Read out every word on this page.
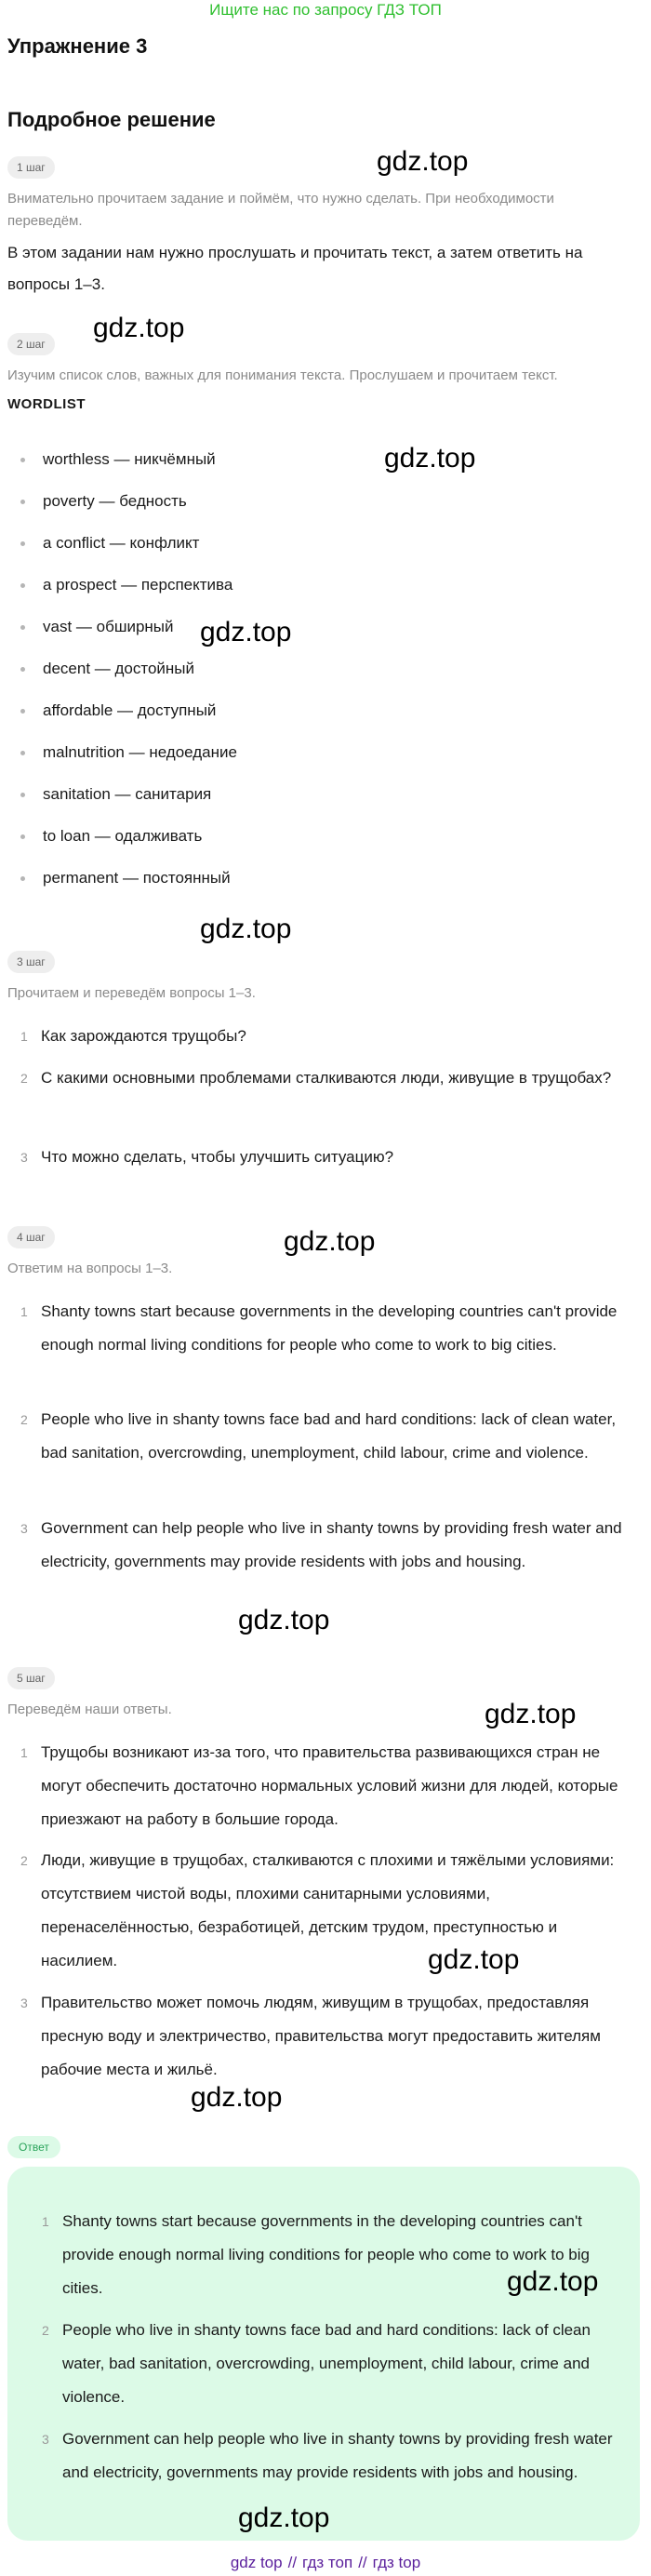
Ищите нас по запросу ГДЗ ТОП
Упражнение 3
Подробное решение
1 шаг

Внимательно прочитаем задание и поймём, что нужно сделать. При необходимости переведём.

В этом задании нам нужно прослушать и прочитать текст, а затем ответить на вопросы 1–3.

2 шаг

Изучим список слов, важных для понимания текста. Прослушаем и прочитаем текст.

WORDLIST
worthless — никчёмный
poverty — бедность
a conflict — конфликт
a prospect — перспектива
vast — обширный
decent — достойный
affordable — доступный
malnutrition — недоедание
sanitation — санитария
to loan — одалживать
permanent — постоянный
3 шаг

Прочитаем и переведём вопросы 1–3.

1 Как зарождаются трущобы?
2 С какими основными проблемами сталкиваются люди, живущие в трущобах?
3 Что можно сделать, чтобы улучшить ситуацию?
4 шаг

Ответим на вопросы 1–3.

1 Shanty towns start because governments in the developing countries can't provide enough normal living conditions for people who come to work to big cities.
2 People who live in shanty towns face bad and hard conditions: lack of clean water, bad sanitation, overcrowding, unemployment, child labour, crime and violence.
3 Government can help people who live in shanty towns by providing fresh water and electricity, governments may provide residents with jobs and housing.
5 шаг

Переведём наши ответы.

1 Трущобы возникают из-за того, что правительства развивающихся стран не могут обеспечить достаточно нормальных условий жизни для людей, которые приезжают на работу в большие города.
2 Люди, живущие в трущобах, сталкиваются с плохими и тяжёлыми условиями: отсутствием чистой воды, плохими санитарными условиями, перенаселённостью, безработицей, детским трудом, преступностью и насилием.
3 Правительство может помочь людям, живущим в трущобах, предоставляя пресную воду и электричество, правительства могут предоставить жителям рабочие места и жильё.
Ответ
1 Shanty towns start because governments in the developing countries can't provide enough normal living conditions for people who come to work to big cities.
2 People who live in shanty towns face bad and hard conditions: lack of clean water, bad sanitation, overcrowding, unemployment, child labour, crime and violence.
3 Government can help people who live in shanty towns by providing fresh water and electricity, governments may provide residents with jobs and housing.
gdz.top
gdz.top
gdz.top
gdz.top
gdz.top
gdz.top
gdz.top
gdz.top
gdz.top
gdz.top
gdz.top
gdz.top
gdz top // гдз топ // гдз top
